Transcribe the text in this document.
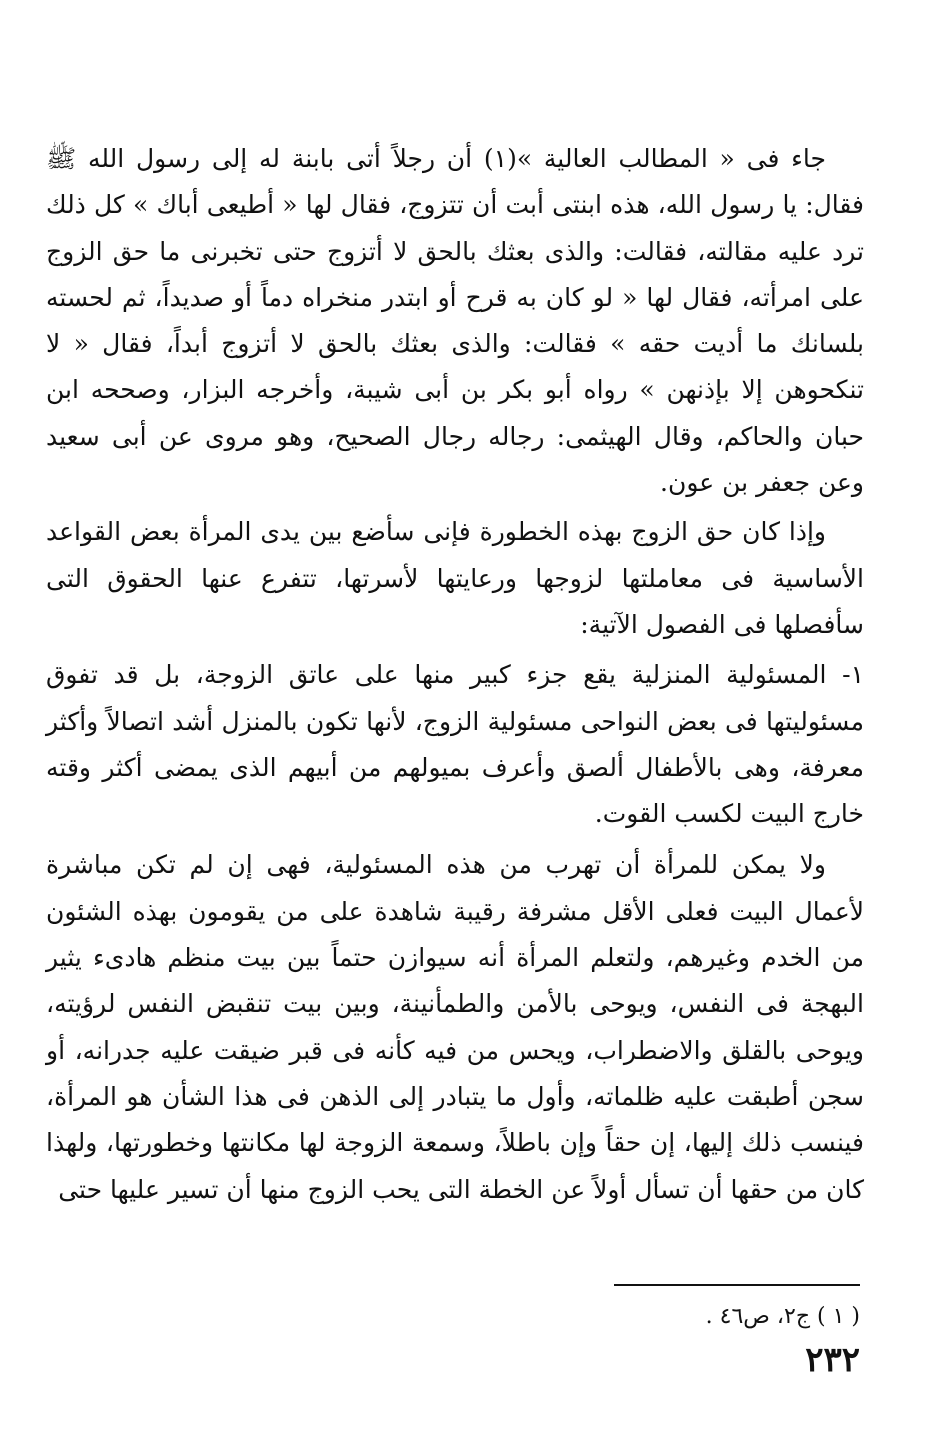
جاء فى « المطالب العالية »(١) أن رجلاً أتى بابنة له إلى رسول الله ﷺ فقال: يا رسول الله، هذه ابنتى أبت أن تتزوج، فقال لها « أطيعى أباك » كل ذلك ترد عليه مقالته، فقالت: والذى بعثك بالحق لا أتزوج حتى تخبرنى ما حق الزوج على امرأته، فقال لها « لو كان به قرح أو ابتدر منخراه دماً أو صديداً، ثم لحسته بلسانك ما أديت حقه » فقالت: والذى بعثك بالحق لا أتزوج أبداً، فقال « لا تنكحوهن إلا بإذنهن » رواه أبو بكر بن أبى شيبة، وأخرجه البزار، وصححه ابن حبان والحاكم، وقال الهيثمى: رجاله رجال الصحيح، وهو مروى عن أبى سعيد وعن جعفر بن عون.

وإذا كان حق الزوج بهذه الخطورة فإنى سأضع بين يدى المرأة بعض القواعد الأساسية فى معاملتها لزوجها ورعايتها لأسرتها، تتفرع عنها الحقوق التى سأفصلها فى الفصول الآتية:

١- المسئولية المنزلية يقع جزء كبير منها على عاتق الزوجة، بل قد تفوق مسئوليتها فى بعض النواحى مسئولية الزوج، لأنها تكون بالمنزل أشد اتصالاً وأكثر معرفة، وهى بالأطفال ألصق وأعرف بميولهم من أبيهم الذى يمضى أكثر وقته خارج البيت لكسب القوت.

ولا يمكن للمرأة أن تهرب من هذه المسئولية، فهى إن لم تكن مباشرة لأعمال البيت فعلى الأقل مشرفة رقيبة شاهدة على من يقومون بهذه الشئون من الخدم وغيرهم، ولتعلم المرأة أنه سيوازن حتماً بين بيت منظم هادىء يثير البهجة فى النفس، ويوحى بالأمن والطمأنينة، وبين بيت تنقبض النفس لرؤيته، ويوحى بالقلق والاضطراب، ويحس من فيه كأنه فى قبر ضيقت عليه جدرانه، أو سجن أطبقت عليه ظلماته، وأول ما يتبادر إلى الذهن فى هذا الشأن هو المرأة، فينسب ذلك إليها، إن حقاً وإن باطلاً، وسمعة الزوجة لها مكانتها وخطورتها، ولهذا كان من حقها أن تسأل أولاً عن الخطة التى يحب الزوج منها أن تسير عليها حتى

( ١ ) ج٢، ص٤٦ .
٢٣٢
